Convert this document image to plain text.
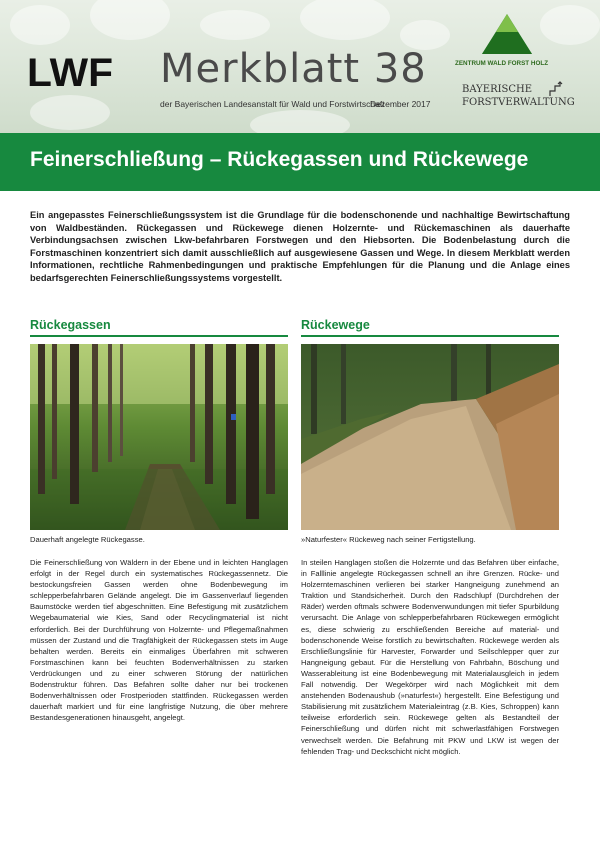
LWF Merkblatt 38
der Bayerischen Landesanstalt für Wald und Forstwirtschaft
Dezember 2017
ZENTRUM WALD FORST HOLZ
BAYERISCHE
FORSTVERWALTUNG
Feinerschließung – Rückegassen und Rückewege

Ein angepasstes Feinerschließungssystem ist die Grundlage für die bodenschonende und nachhaltige Bewirtschaftung von Waldbeständen. Rückegassen und Rückewege dienen Holzernte- und Rückemaschinen als dauerhafte Verbindungsachsen zwischen Lkw-befahrbaren Forstwegen und den Hiebsorten. Die Bodenbelastung durch die Forstmaschinen konzentriert sich damit ausschließlich auf ausgewiesene Gassen und Wege. In diesem Merkblatt werden Informationen, rechtliche Rahmenbedingungen und praktische Empfehlungen für die Planung und die Anlage eines bedarfsgerechten Feinerschließungssystems vorgestellt.

Rückegassen
Dauerhaft angelegte Rückegasse.

Die Feinerschließung von Wäldern in der Ebene und in leichten Hanglagen erfolgt in der Regel durch ein systematisches Rückegassennetz. Die bestockungsfreien Gassen werden ohne Bodenbewegung im schlepperbefahrbaren Gelände angelegt. Die im Gassenverlauf liegenden Baumstöcke werden tief abgeschnitten. Eine Befestigung mit zusätzlichem Wegebaumaterial wie Kies, Sand oder Recyclingmaterial ist nicht erforderlich. Bei der Durchführung von Holzernte- und Pflegemaßnahmen müssen der Zustand und die Tragfähigkeit der Rückegassen stets im Auge behalten werden. Bereits ein einmaliges Überfahren mit schweren Forstmaschinen kann bei feuchten Bodenverhältnissen zu starken Verdrückungen und zu einer schweren Störung der natürlichen Bodenstruktur führen. Das Befahren sollte daher nur bei trockenen Bodenverhältnissen oder Frostperioden stattfinden. Rückegassen werden dauerhaft markiert und für eine langfristige Nutzung, die über mehrere Bestandesgenerationen hinausgeht, angelegt.

Rückewege
»Naturfester« Rückeweg nach seiner Fertigstellung.

In steilen Hanglagen stoßen die Holzernte und das Befahren über einfache, in Falllinie angelegte Rückegassen schnell an ihre Grenzen. Rücke- und Holzerntemaschinen verlieren bei starker Hangneigung zunehmend an Traktion und Standsicherheit. Durch den Radschlupf (Durchdrehen der Räder) werden oftmals schwere Bodenverwundungen mit tiefer Spurbildung verursacht. Die Anlage von schlepperbefahrbaren Rückewegen ermöglicht es, diese schwierig zu erschließenden Bereiche auf material- und bodenschonende Weise forstlich zu bewirtschaften. Rückewege werden als Erschließungslinie für Harvester, Forwarder und Seilschlepper quer zur Hangneigung gebaut. Für die Herstellung von Fahrbahn, Böschung und Wasserableitung ist eine Bodenbewegung mit Materialausgleich in jedem Fall notwendig. Der Wegekörper wird nach Möglichkeit mit dem anstehenden Bodenaushub (»naturfest«) hergestellt. Eine Befestigung und Stabilisierung mit zusätzlichem Materialeintrag (z.B. Kies, Schroppen) kann teilweise erforderlich sein. Rückewege gelten als Bestandteil der Feinerschließung und dürfen nicht mit schwerlastfähigen Forstwegen verwechselt werden. Die Befahrung mit PKW und LKW ist wegen der fehlenden Trag- und Deckschicht nicht möglich.
